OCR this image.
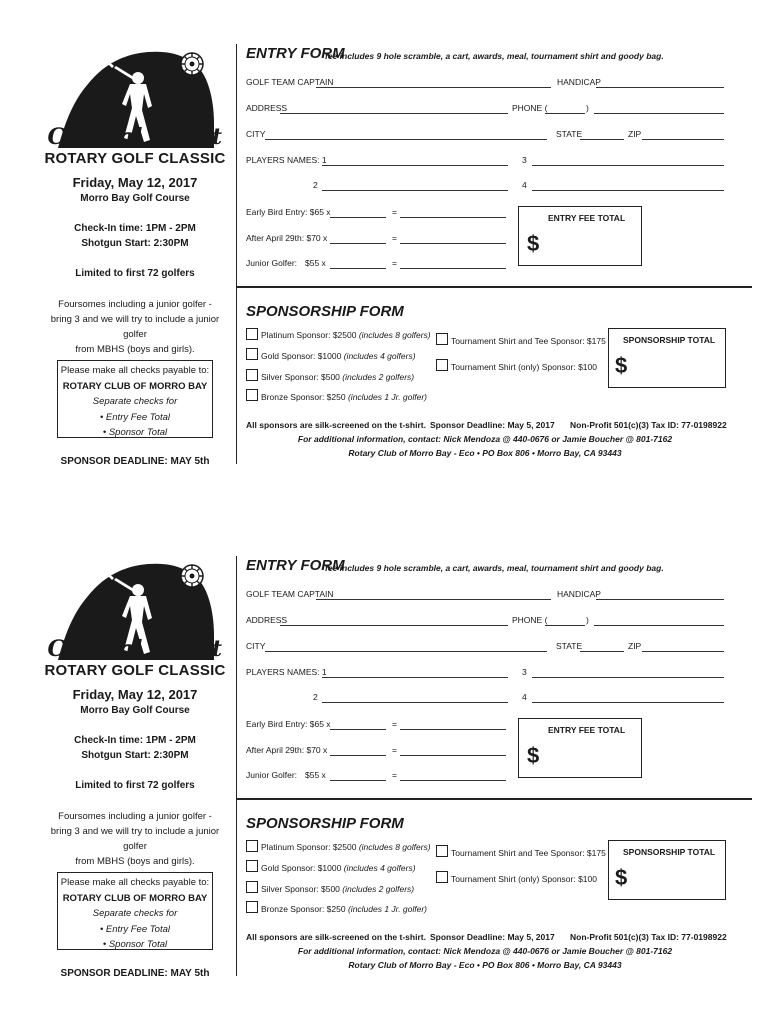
Central Coast
ROTARY GOLF CLASSIC
Friday, May 12, 2017
Morro Bay Golf Course
Check-In time: 1PM - 2PM
Shotgun Start: 2:30PM
Limited to first 72 golfers
Foursomes including a junior golfer -
bring 3 and we will try to include a junior golfer
from MBHS (boys and girls).
Please make all checks payable to:
ROTARY CLUB OF MORRO BAY
Separate checks for
• Entry Fee Total
• Sponsor Total
SPONSOR DEADLINE: MAY 5th
ENTRY FORM
fee includes 9 hole scramble, a cart, awards, meal, tournament shirt and goody bag.
GOLF TEAM CAPTAIN	HANDICAP
ADDRESS	PHONE (	)
CITY	STATE	ZIP
PLAYERS NAMES: 1	3
2	4
Early Bird Entry: $65 x	=
After April 29th: $70 x	=
Junior Golfer: $55 x	=
ENTRY FEE TOTAL
$
SPONSORSHIP FORM
Platinum Sponsor: $2500 (includes 8 golfers)
Gold Sponsor: $1000 (includes 4 golfers)
Silver Sponsor: $500 (includes 2 golfers)
Bronze Sponsor: $250 (includes 1 Jr. golfer)
Tournament Shirt and Tee Sponsor: $175
Tournament Shirt (only) Sponsor: $100
SPONSORSHIP TOTAL
$
All sponsors are silk-screened on the t-shirt. Sponsor Deadline: May 5, 2017 Non-Profit 501(c)(3) Tax ID: 77-0198922
For additional information, contact: Nick Mendoza @ 440-0676 or Jamie Boucher @ 801-7162
Rotary Club of Morro Bay - Eco • PO Box 806 • Morro Bay, CA 93443
Central Coast
ROTARY GOLF CLASSIC
Friday, May 12, 2017
Morro Bay Golf Course
Check-In time: 1PM - 2PM
Shotgun Start: 2:30PM
Limited to first 72 golfers
Foursomes including a junior golfer -
bring 3 and we will try to include a junior golfer
from MBHS (boys and girls).
Please make all checks payable to:
ROTARY CLUB OF MORRO BAY
Separate checks for
• Entry Fee Total
• Sponsor Total
SPONSOR DEADLINE: MAY 5th
ENTRY FORM
fee includes 9 hole scramble, a cart, awards, meal, tournament shirt and goody bag.
GOLF TEAM CAPTAIN	HANDICAP
ADDRESS	PHONE (	)
CITY	STATE	ZIP
PLAYERS NAMES: 1	3
2	4
Early Bird Entry: $65 x	=
After April 29th: $70 x	=
Junior Golfer: $55 x	=
ENTRY FEE TOTAL
$
SPONSORSHIP FORM
Platinum Sponsor: $2500 (includes 8 golfers)
Gold Sponsor: $1000 (includes 4 golfers)
Silver Sponsor: $500 (includes 2 golfers)
Bronze Sponsor: $250 (includes 1 Jr. golfer)
Tournament Shirt and Tee Sponsor: $175
Tournament Shirt (only) Sponsor: $100
SPONSORSHIP TOTAL
$
All sponsors are silk-screened on the t-shirt. Sponsor Deadline: May 5, 2017 Non-Profit 501(c)(3) Tax ID: 77-0198922
For additional information, contact: Nick Mendoza @ 440-0676 or Jamie Boucher @ 801-7162
Rotary Club of Morro Bay - Eco • PO Box 806 • Morro Bay, CA 93443
